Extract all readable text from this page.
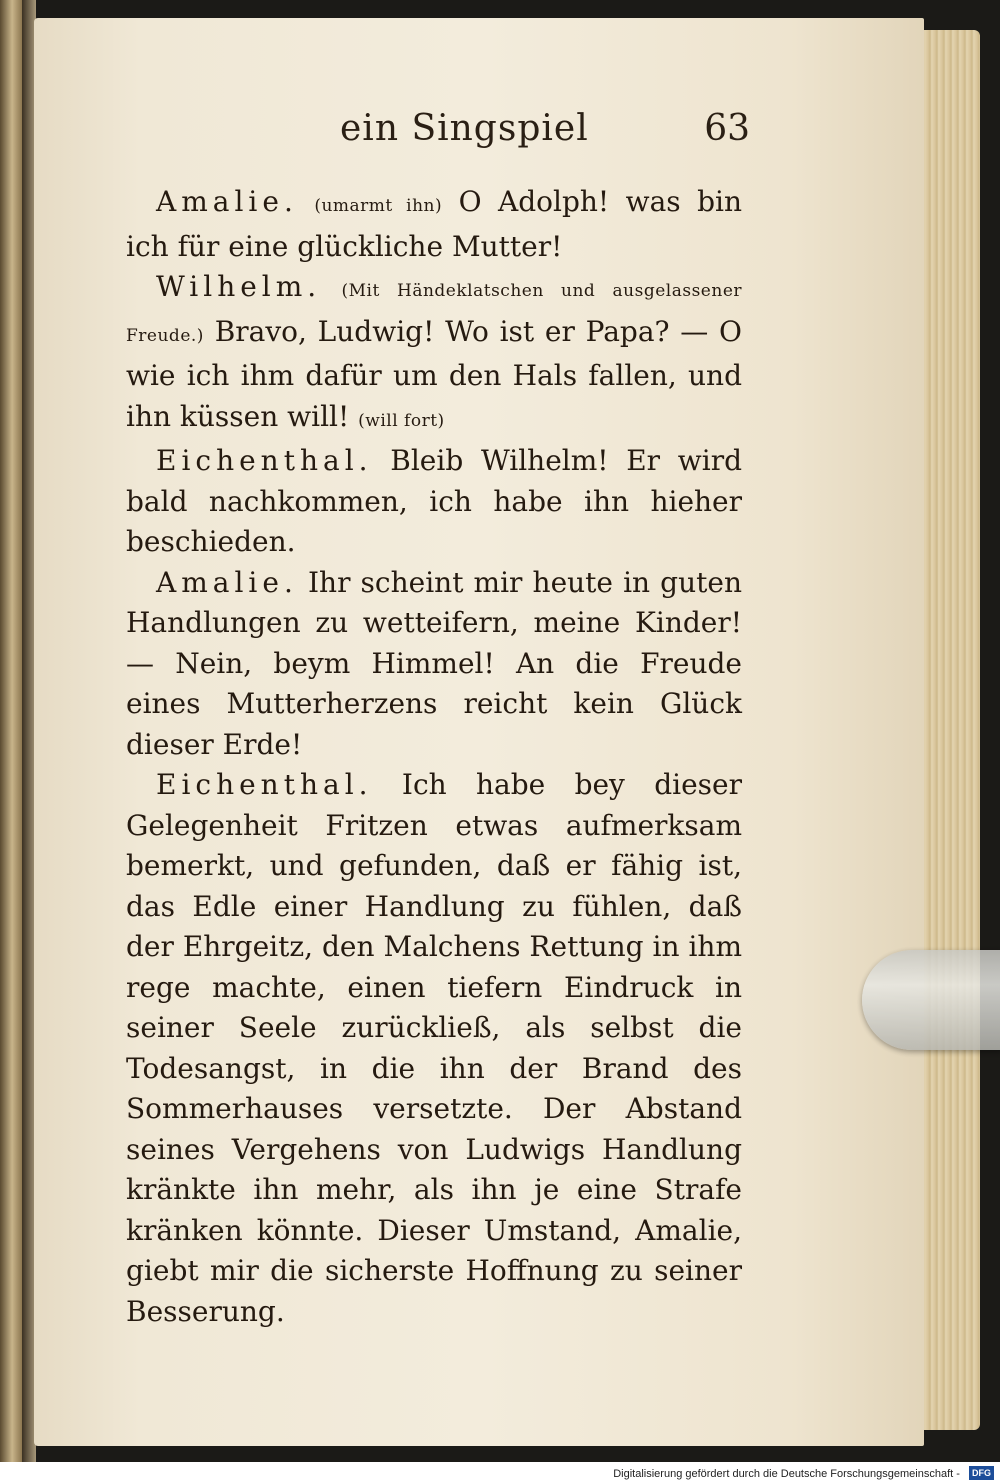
ein Singspiel	63

Amalie. (umarmt ihn) O Adolph! was bin ich für eine glückliche Mutter!

Wilhelm. (Mit Händeklatschen und ausgelassener Freude.) Bravo, Ludwig! Wo ist er Papa? — O wie ich ihm dafür um den Hals fallen, und ihn küssen will! (will fort)

Eichenthal. Bleib Wilhelm! Er wird bald nachkommen, ich habe ihn hieher beschieden.

Amalie. Ihr scheint mir heute in guten Handlungen zu wetteifern, meine Kinder! — Nein, beym Himmel! An die Freude eines Mutterherzens reicht kein Glück dieser Erde!

Eichenthal. Ich habe bey dieser Gelegenheit Fritzen etwas aufmerksam bemerkt, und gefunden, daß er fähig ist, das Edle einer Handlung zu fühlen, daß der Ehrgeitz, den Malchens Rettung in ihm rege machte, einen tiefern Eindruck in seiner Seele zurückließ, als selbst die Todesangst, in die ihn der Brand des Sommerhauses versetzte. Der Abstand seines Vergehens von Ludwigs Handlung kränkte ihn mehr, als ihn je eine Strafe kränken könnte. Dieser Umstand, Amalie, giebt mir die sicherste Hoffnung zu seiner Besserung.

Digitalisierung gefördert durch die Deutsche Forschungsgemeinschaft - DFG
